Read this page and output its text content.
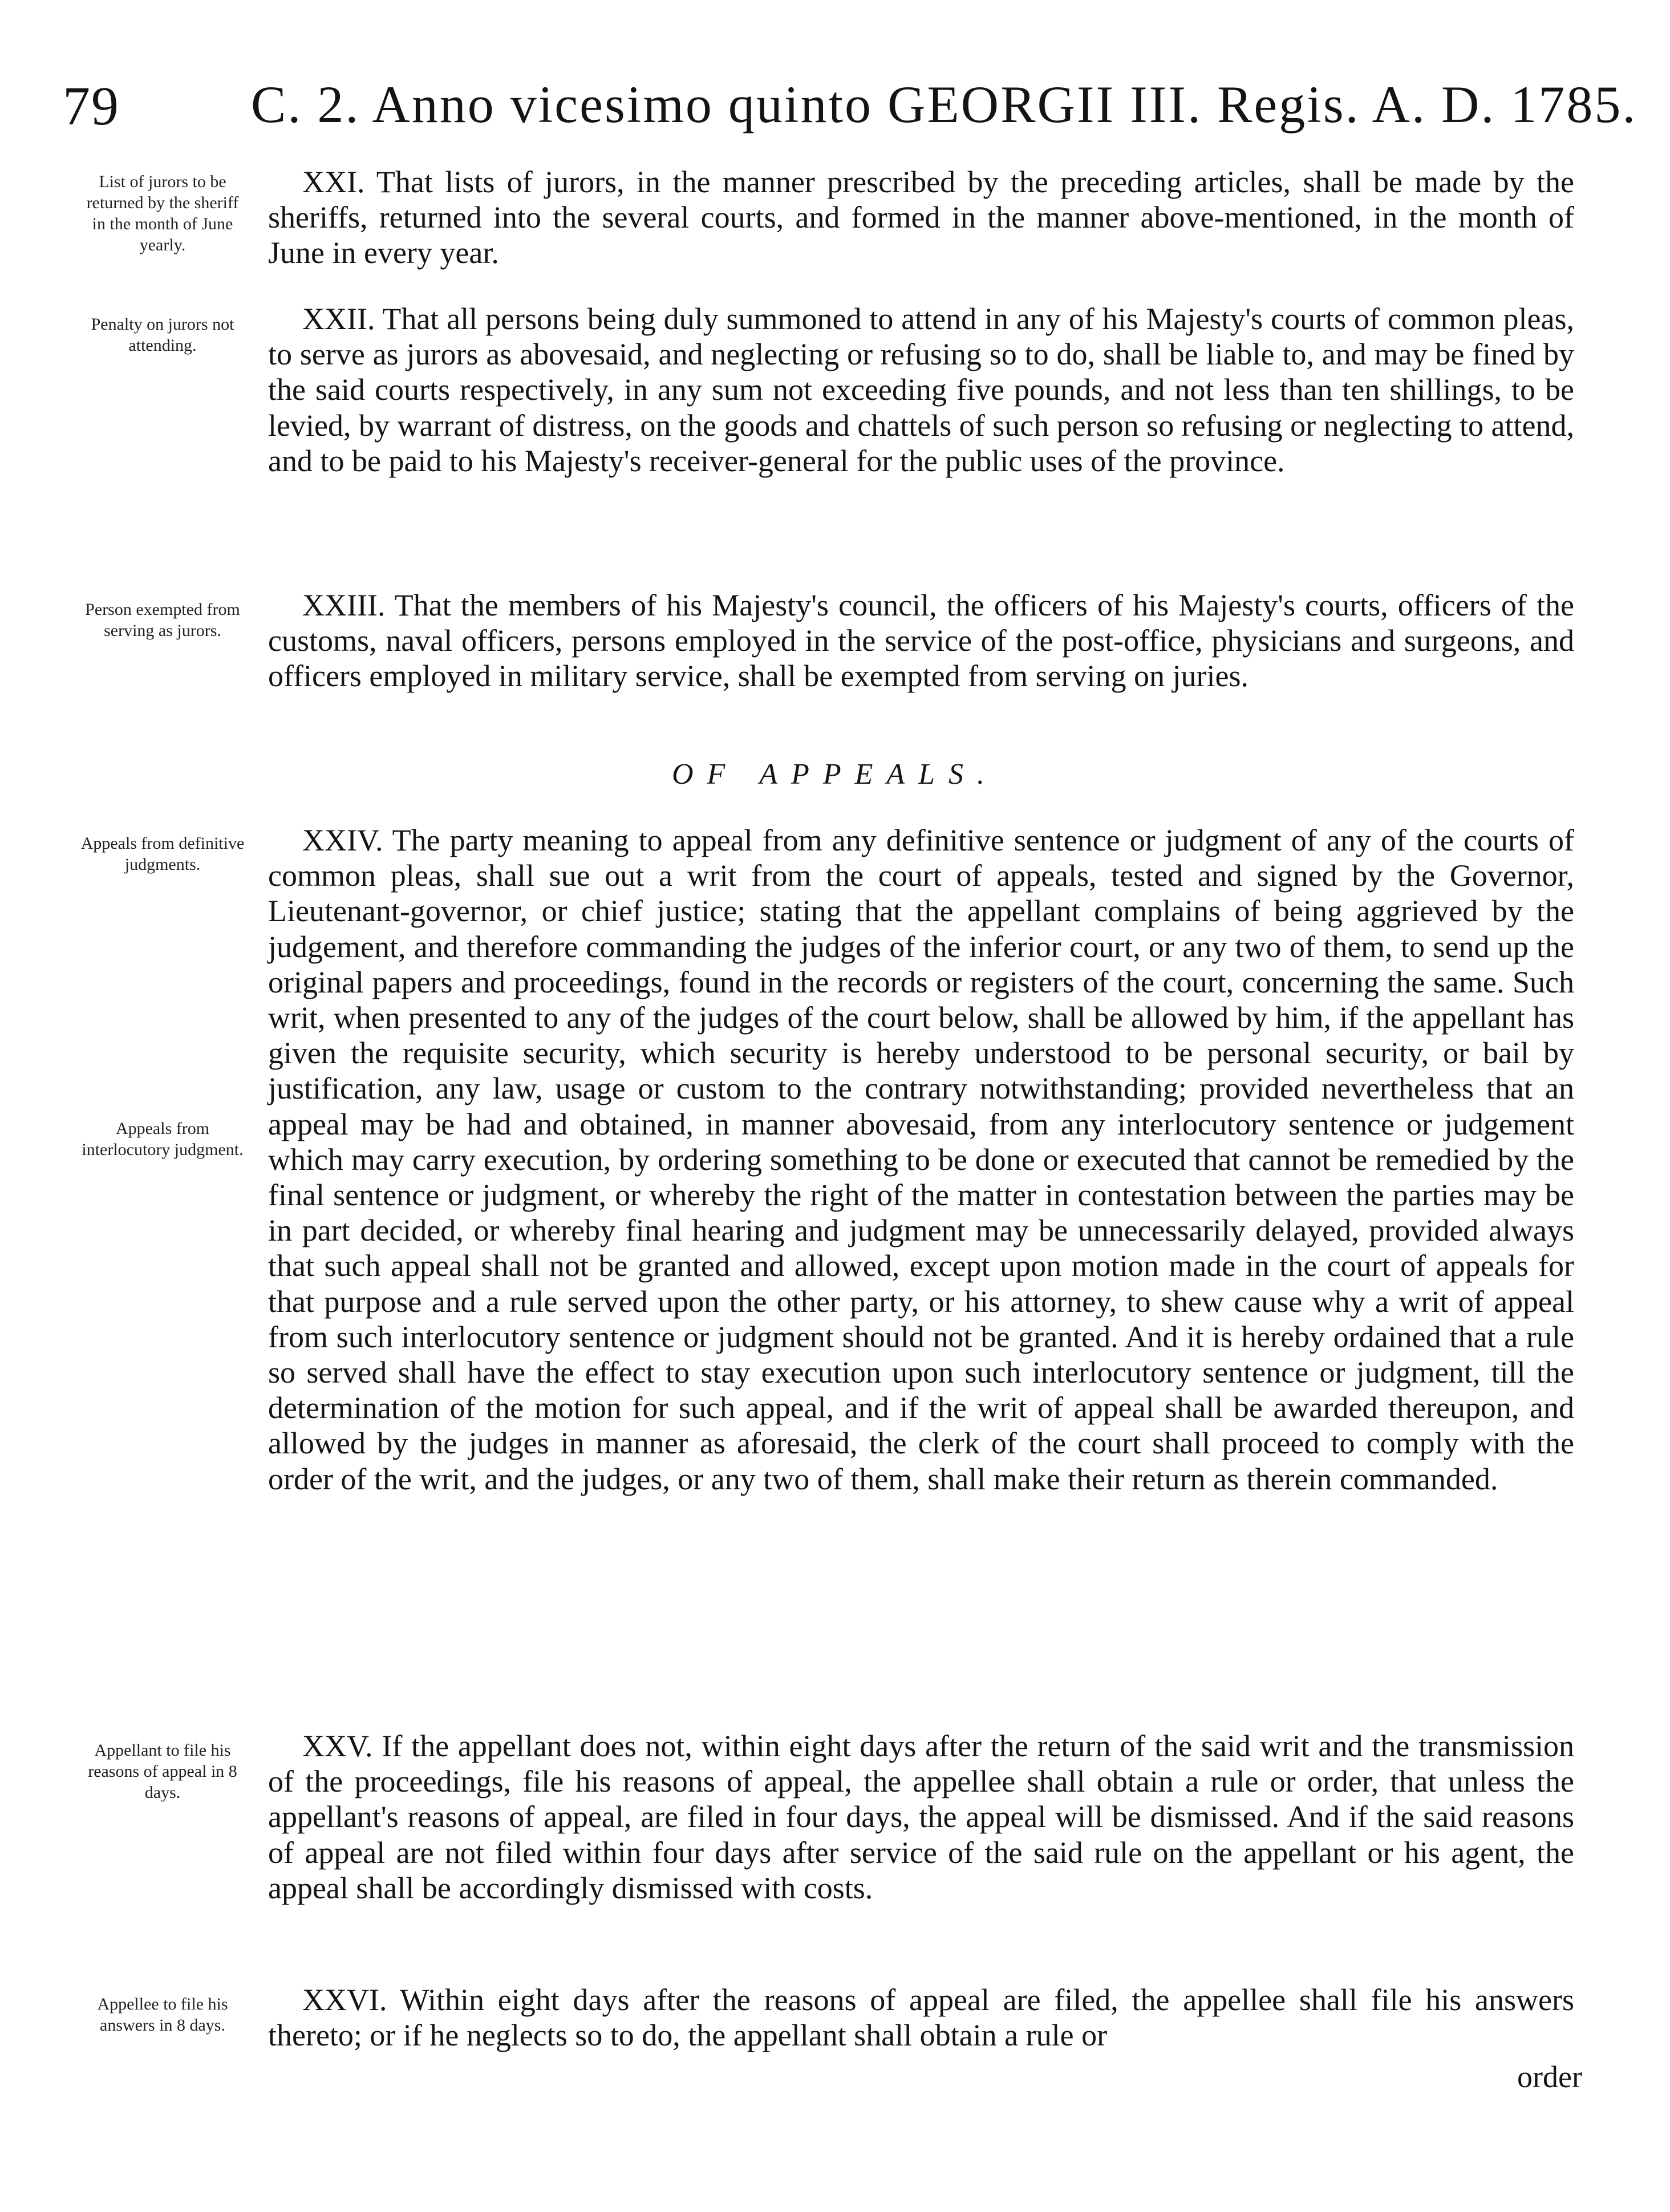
79	C. 2. Anno vicesimo quinto GEORGII III. Regis. A. D. 1785.
List of jurors to be returned by the sheriff in the month of June yearly.

XXI. That lists of jurors, in the manner prescribed by the preceding articles, shall be made by the sheriffs, returned into the several courts, and formed in the manner above-mentioned, in the month of June in every year.

Penalty on jurors not attending.

XXII. That all persons being duly summoned to attend in any of his Majesty's courts of common pleas, to serve as jurors as abovesaid, and neglecting or refusing so to do, shall be liable to, and may be fined by the said courts respectively, in any sum not exceeding five pounds, and not less than ten shillings, to be levied, by warrant of distress, on the goods and chattels of such person so refusing or neglecting to attend, and to be paid to his Majesty's receiver-general for the public uses of the province.

Person exempted from serving as jurors.

XXIII. That the members of his Majesty's council, the officers of his Majesty's courts, officers of the customs, naval officers, persons employed in the service of the post-office, physicians and surgeons, and officers employed in military service, shall be exempted from serving on juries.

OF APPEALS.
Appeals from definitive judgments.
Appeals from interlocutory judgment.

XXIV. The party meaning to appeal from any definitive sentence or judgment of any of the courts of common pleas, shall sue out a writ from the court of appeals, tested and signed by the Governor, Lieutenant-governor, or chief justice; stating that the appellant complains of being aggrieved by the judgement, and therefore commanding the judges of the inferior court, or any two of them, to send up the original papers and proceedings, found in the records or registers of the court, concerning the same. Such writ, when presented to any of the judges of the court below, shall be allowed by him, if the appellant has given the requisite security, which security is hereby understood to be personal security, or bail by justification, any law, usage or custom to the contrary notwithstanding; provided nevertheless that an appeal may be had and obtained, in manner abovesaid, from any interlocutory sentence or judgement which may carry execution, by ordering something to be done or executed that cannot be remedied by the final sentence or judgment, or whereby the right of the matter in contestation between the parties may be in part decided, or whereby final hearing and judgment may be unnecessarily delayed, provided always that such appeal shall not be granted and allowed, except upon motion made in the court of appeals for that purpose and a rule served upon the other party, or his attorney, to shew cause why a writ of appeal from such interlocutory sentence or judgment should not be granted. And it is hereby ordained that a rule so served shall have the effect to stay execution upon such interlocutory sentence or judgment, till the determination of the motion for such appeal, and if the writ of appeal shall be awarded thereupon, and allowed by the judges in manner as aforesaid, the clerk of the court shall proceed to comply with the order of the writ, and the judges, or any two of them, shall make their return as therein commanded.

Appellant to file his reasons of appeal in 8 days.

XXV. If the appellant does not, within eight days after the return of the said writ and the transmission of the proceedings, file his reasons of appeal, the appellee shall obtain a rule or order, that unless the appellant's reasons of appeal, are filed in four days, the appeal will be dismissed. And if the said reasons of appeal are not filed within four days after service of the said rule on the appellant or his agent, the appeal shall be accordingly dismissed with costs.

Appellee to file his answers in 8 days.

XXVI. Within eight days after the reasons of appeal are filed, the appellee shall file his answers thereto; or if he neglects so to do, the appellant shall obtain a rule or

order
